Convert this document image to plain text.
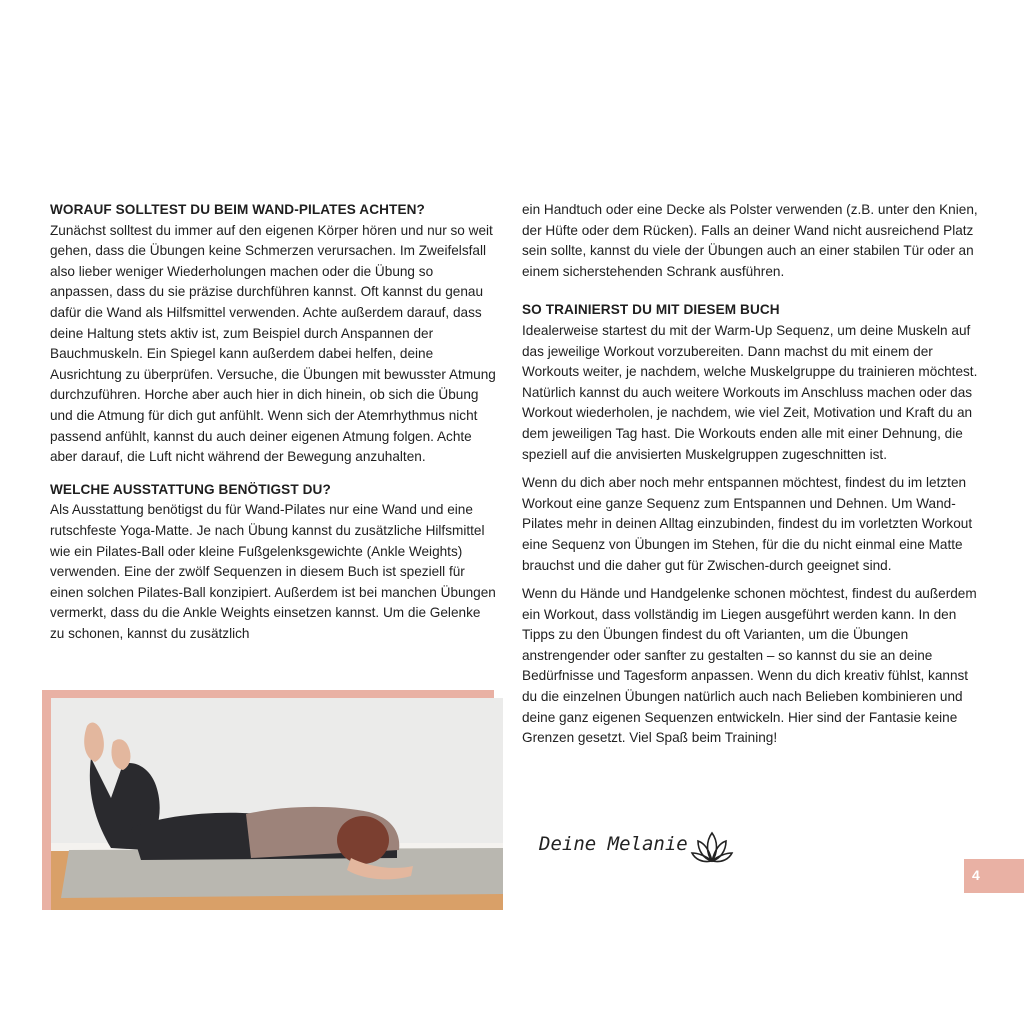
WORAUF SOLLTEST DU BEIM WAND-PILATES ACHTEN?

Zunächst solltest du immer auf den eigenen Körper hören und nur so weit gehen, dass die Übungen keine Schmerzen verursachen. Im Zweifelsfall also lieber weniger Wiederholungen machen oder die Übung so anpassen, dass du sie präzise durchführen kannst. Oft kannst du genau dafür die Wand als Hilfsmittel verwenden. Achte außerdem darauf, dass deine Haltung stets aktiv ist, zum Beispiel durch Anspannen der Bauchmuskeln. Ein Spiegel kann außerdem dabei helfen, deine Ausrichtung zu überprüfen. Versuche, die Übungen mit bewusster Atmung durchzuführen. Horche aber auch hier in dich hinein, ob sich die Übung und die Atmung für dich gut anfühlt. Wenn sich der Atemrhythmus nicht passend anfühlt, kannst du auch deiner eigenen Atmung folgen. Achte aber darauf, die Luft nicht während der Bewegung anzuhalten.

WELCHE AUSSTATTUNG BENÖTIGST DU?

Als Ausstattung benötigst du für Wand-Pilates nur eine Wand und eine rutschfeste Yoga-Matte. Je nach Übung kannst du zusätzliche Hilfsmittel wie ein Pilates-Ball oder kleine Fußgelenksgewichte (Ankle Weights) verwenden. Eine der zwölf Sequenzen in diesem Buch ist speziell für einen solchen Pilates-Ball konzipiert. Außerdem ist bei manchen Übungen vermerkt, dass du die Ankle Weights einsetzen kannst. Um die Gelenke zu schonen, kannst du zusätzlich

ein Handtuch oder eine Decke als Polster verwenden (z.B. unter den Knien, der Hüfte oder dem Rücken). Falls an deiner Wand nicht ausreichend Platz sein sollte, kannst du viele der Übungen auch an einer stabilen Tür oder an einem sicherstehenden Schrank ausführen.

SO TRAINIERST DU MIT DIESEM BUCH

Idealerweise startest du mit der Warm-Up Sequenz, um deine Muskeln auf das jeweilige Workout vorzubereiten. Dann machst du mit einem der Workouts weiter, je nachdem, welche Muskelgruppe du trainieren möchtest. Natürlich kannst du auch weitere Workouts im Anschluss machen oder das Workout wiederholen, je nachdem, wie viel Zeit, Motivation und Kraft du an dem jeweiligen Tag hast. Die Workouts enden alle mit einer Dehnung, die speziell auf die anvisierten Muskelgruppen zugeschnitten ist.

Wenn du dich aber noch mehr entspannen möchtest, findest du im letzten Workout eine ganze Sequenz zum Entspannen und Dehnen. Um Wand-Pilates mehr in deinen Alltag einzubinden, findest du im vorletzten Workout eine Sequenz von Übungen im Stehen, für die du nicht einmal eine Matte brauchst und die daher gut für Zwischen-durch geeignet sind.

Wenn du Hände und Handgelenke schonen möchtest, findest du außerdem ein Workout, dass vollständig im Liegen ausgeführt werden kann. In den Tipps zu den Übungen findest du oft Varianten, um die Übungen anstrengender oder sanfter zu gestalten – so kannst du sie an deine Bedürfnisse und Tagesform anpassen. Wenn du dich kreativ fühlst, kannst du die einzelnen Übungen natürlich auch nach Belieben kombinieren und deine ganz eigenen Sequenzen entwickeln. Hier sind der Fantasie keine Grenzen gesetzt. Viel Spaß beim Training!

Deine Melanie
4
